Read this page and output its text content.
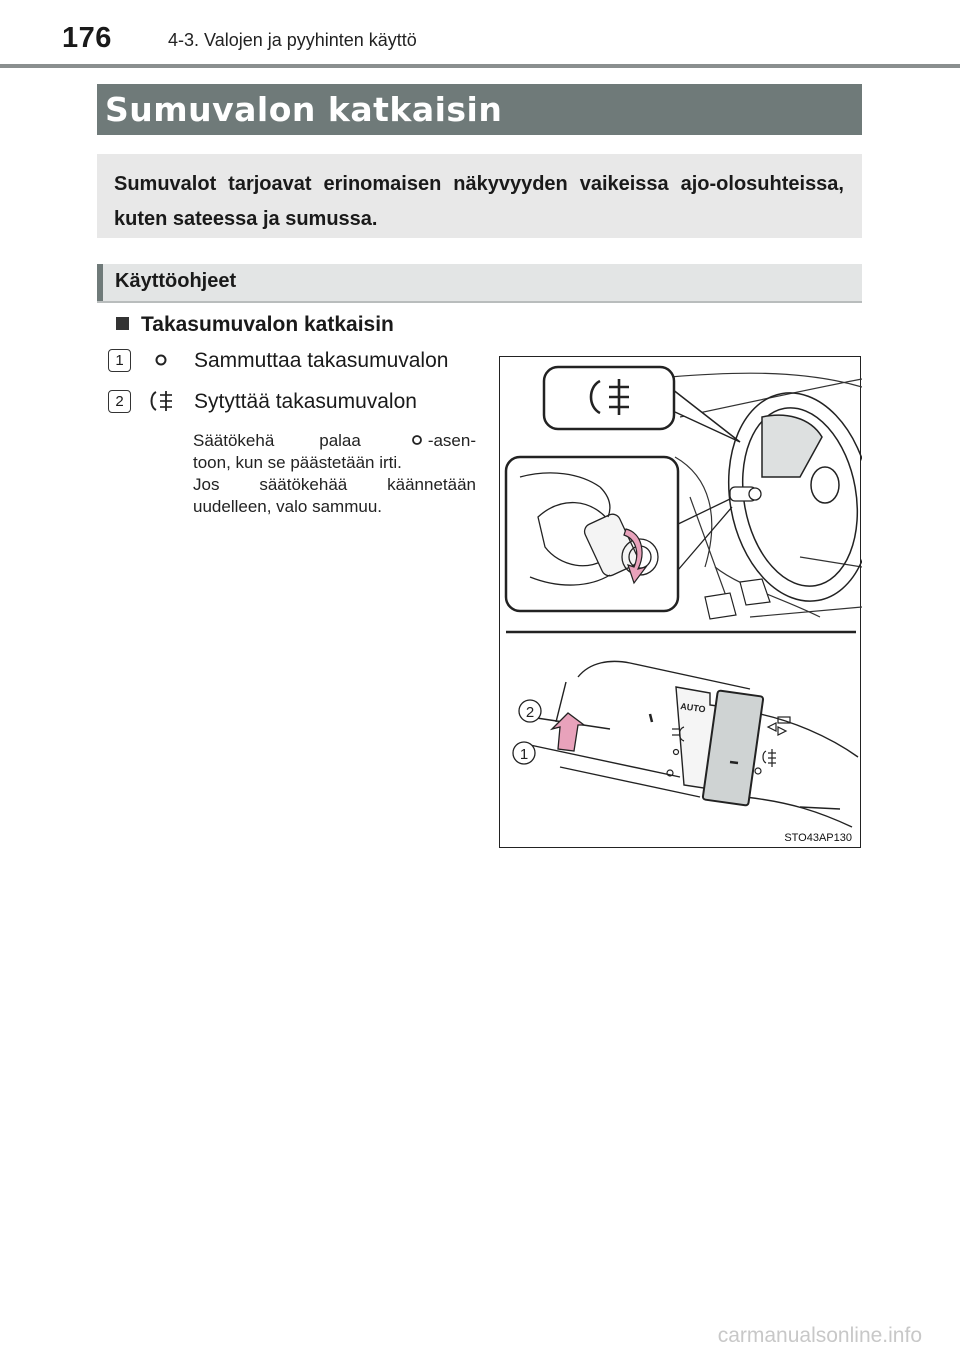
176	4-3. Valojen ja pyyhinten käyttö
Sumuvalon katkaisin

Sumuvalot tarjoavat erinomaisen näkyvyyden vaikeissa ajo-olosuhteissa, kuten sateessa ja sumussa.

Käyttöohjeet
Takasumuvalon katkaisin
1	Sammuttaa takasumuvalon
2	Sytyttää takasumuvalon
Säätökehä palaa	-asen-
toon, kun se päästetään irti.
Jos säätökehää käännetään
uudelleen, valo sammuu.
AUTO
2
1
STO43AP130
carmanualsonline.info
